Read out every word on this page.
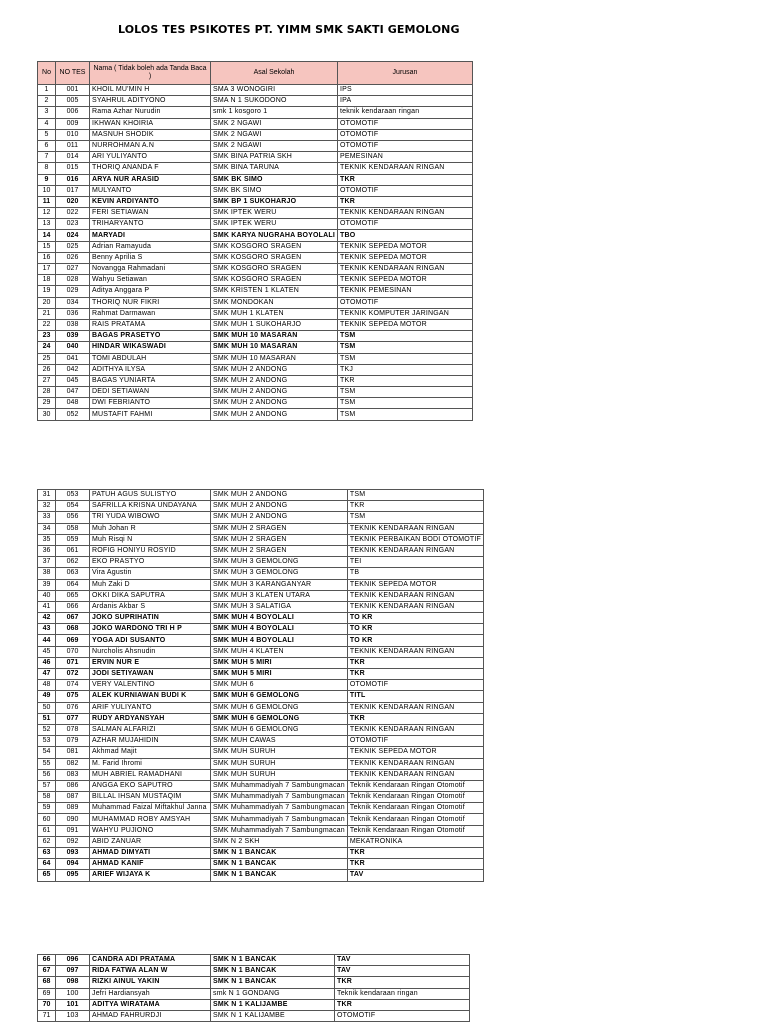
LOLOS TES PSIKOTES PT. YIMM SMK SAKTI GEMOLONG
No	NO TES	Nama ( Tidak boleh ada Tanda Baca )	Asal Sekolah	Jurusan
1	001	KHOIL MU'MIN H	SMA 3 WONOGIRI	IPS
2	005	SYAHRUL ADITYONO	SMA N 1 SUKODONO	IPA
3	006	Rama Azhar Nurudin	smk 1 kosgoro 1	teknik kendaraan ringan
4	009	IKHWAN KHOIRIA	SMK 2 NGAWI	OTOMOTIF
5	010	MASNUH SHODIK	SMK 2 NGAWI	OTOMOTIF
6	011	NURROHMAN A.N	SMK 2 NGAWI	OTOMOTIF
7	014	ARI YULIYANTO	SMK BINA PATRIA SKH	PEMESINAN
8	015	THORIQ ANANDA F	SMK BINA TARUNA	TEKNIK KENDARAAN RINGAN
9	016	ARYA NUR ARASID	SMK BK SIMO	TKR
10	017	MULYANTO	SMK BK SIMO	OTOMOTIF
11	020	KEVIN ARDIYANTO	SMK BP 1 SUKOHARJO	TKR
12	022	FERI SETIAWAN	SMK IPTEK WERU	TEKNIK KENDARAAN RINGAN
13	023	TRIHARYANTO	SMK IPTEK WERU	OTOMOTIF
14	024	MARYADI	SMK KARYA NUGRAHA BOYOLALI	TBO
15	025	Adrian Ramayuda	SMK KOSGORO SRAGEN	TEKNIK SEPEDA MOTOR
16	026	Benny Aprilia S	SMK KOSGORO SRAGEN	TEKNIK SEPEDA MOTOR
17	027	Novangga Rahmadani	SMK KOSGORO SRAGEN	TEKNIK KENDARAAN RINGAN
18	028	Wahyu Setiawan	SMK KOSGORO SRAGEN	TEKNIK SEPEDA MOTOR
19	029	Aditya Anggara P	SMK KRISTEN 1 KLATEN	TEKNIK PEMESINAN
20	034	THORIQ NUR FIKRI	SMK MONDOKAN	OTOMOTIF
21	036	Rahmat Darmawan	SMK MUH 1 KLATEN	TEKNIK KOMPUTER JARINGAN
22	038	RAIS PRATAMA	SMK MUH 1 SUKOHARJO	TEKNIK SEPEDA MOTOR
23	039	BAGAS PRASETYO	SMK MUH 10 MASARAN	TSM
24	040	HINDAR WIKASWADI	SMK MUH 10 MASARAN	TSM
25	041	TOMI ABDULAH	SMK MUH 10 MASARAN	TSM
26	042	ADITHYA ILYSA	SMK MUH 2 ANDONG	TKJ
27	045	BAGAS YUNIARTA	SMK MUH 2 ANDONG	TKR
28	047	DEDI SETIAWAN	SMK MUH 2 ANDONG	TSM
29	048	DWI FEBRIANTO	SMK MUH 2 ANDONG	TSM
30	052	MUSTAFIT FAHMI	SMK MUH 2 ANDONG	TSM
31	053	PATUH AGUS SULISTYO	SMK MUH 2 ANDONG	TSM
32	054	SAFRILLA KRISNA UNDAYANA	SMK MUH 2 ANDONG	TKR
33	056	TRI YUDA WIBOWO	SMK MUH 2 ANDONG	TSM
34	058	Muh Johan R	SMK MUH 2 SRAGEN	TEKNIK KENDARAAN RINGAN
35	059	Muh Risqi N	SMK MUH 2 SRAGEN	TEKNIK PERBAIKAN BODI OTOMOTIF
36	061	ROFIG HONIYU ROSYID	SMK MUH 2 SRAGEN	TEKNIK KENDARAAN RINGAN
37	062	EKO PRASTYO	SMK MUH 3 GEMOLONG	TEI
38	063	Vira Agustin	SMK MUH 3 GEMOLONG	TB
39	064	Muh Zaki D	SMK MUH 3 KARANGANYAR	TEKNIK SEPEDA MOTOR
40	065	OKKI DIKA SAPUTRA	SMK MUH 3 KLATEN UTARA	TEKNIK KENDARAAN RINGAN
41	066	Ardanis Akbar S	SMK MUH 3 SALATIGA	TEKNIK KENDARAAN RINGAN
42	067	JOKO SUPRIHATIN	SMK MUH 4 BOYOLALI	TO KR
43	068	JOKO WARDONO TRI H P	SMK MUH 4 BOYOLALI	TO KR
44	069	YOGA ADI SUSANTO	SMK MUH 4 BOYOLALI	TO KR
45	070	Nurcholis Ahsnudin	SMK MUH 4 KLATEN	TEKNIK KENDARAAN RINGAN
46	071	ERVIN NUR E	SMK MUH 5 MIRI	TKR
47	072	JODI SETIYAWAN	SMK MUH 5 MIRI	TKR
48	074	VERY VALENTINO	SMK MUH 6	OTOMOTIF
49	075	ALEK KURNIAWAN BUDI K	SMK MUH 6 GEMOLONG	TITL
50	076	ARIF YULIYANTO	SMK MUH 6 GEMOLONG	TEKNIK KENDARAAN RINGAN
51	077	RUDY ARDYANSYAH	SMK MUH 6 GEMOLONG	TKR
52	078	SALMAN ALFARIZI	SMK MUH 6 GEMOLONG	TEKNIK KENDARAAN RINGAN
53	079	AZHAR MUJAHIDIN	SMK MUH CAWAS	OTOMOTIF
54	081	Akhmad Majit	SMK MUH SURUH	TEKNIK SEPEDA MOTOR
55	082	M. Farid Ihromi	SMK MUH SURUH	TEKNIK KENDARAAN RINGAN
56	083	MUH ABRIEL RAMADHANI	SMK MUH SURUH	TEKNIK KENDARAAN RINGAN
57	086	ANGGA EKO SAPUTRO	SMK Muhammadiyah 7 Sambungmacan	Teknik Kendaraan Ringan Otomotif
58	087	BILLAL IHSAN MUSTAQIM	SMK Muhammadiyah 7 Sambungmacan	Teknik Kendaraan Ringan Otomotif
59	089	Muhammad Faizal Miftakhul Janna	SMK Muhammadiyah 7 Sambungmacan	Teknik Kendaraan Ringan Otomotif
60	090	MUHAMMAD ROBY AMSYAH	SMK Muhammadiyah 7 Sambungmacan	Teknik Kendaraan Ringan Otomotif
61	091	WAHYU PUJIONO	SMK Muhammadiyah 7 Sambungmacan	Teknik Kendaraan Ringan Otomotif
62	092	ABID ZANUAR	SMK N 2 SKH	MEKATRONIKA
63	093	AHMAD DIMYATI	SMK N 1 BANCAK	TKR
64	094	AHMAD KANIF	SMK N 1 BANCAK	TKR
65	095	ARIEF WIJAYA K	SMK N 1 BANCAK	TAV
66	096	CANDRA ADI PRATAMA	SMK N 1 BANCAK	TAV
67	097	RIDA FATWA ALAN W	SMK N 1 BANCAK	TAV
68	098	RIZKI AINUL YAKIN	SMK N 1 BANCAK	TKR
69	100	Jefri Hardiansyah	smk N 1 GONDANG	Teknik kendaraan ringan
70	101	ADITYA WIRATAMA	SMK N 1 KALIJAMBE	TKR
71	103	AHMAD FAHRURDJI	SMK N 1 KALIJAMBE	OTOMOTIF
